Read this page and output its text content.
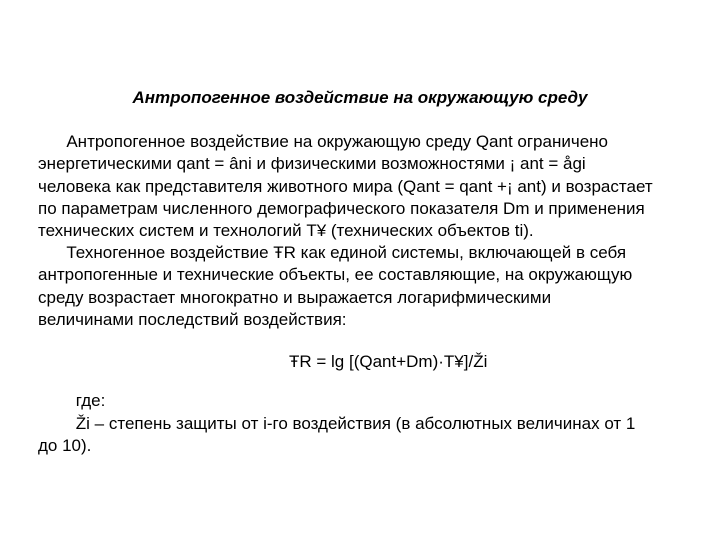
Антропогенное воздействие на окружающую среду

Антропогенное воздействие на окружающую среду Qant ограничено
энергетическими qant = âni и физическими возможностями ¡ ant = ågi
человека как представителя животного мира (Qant = qant +¡ ant) и возрастает
по параметрам численного демографического показателя Dm и применения
технических систем и технологий Т¥ (технических объектов ti).

Техногенное воздействие ŦR как единой системы, включающей в себя
антропогенные и технические объекты, ее составляющие, на окружающую
среду возрастает многократно и выражается логарифмическими
величинами последствий воздействия:

ŦR = lg [(Qant+Dm)·T¥]/Ži

где:
Ži – степень защиты от i-го воздействия (в абсолютных величинах от 1
до 10).
